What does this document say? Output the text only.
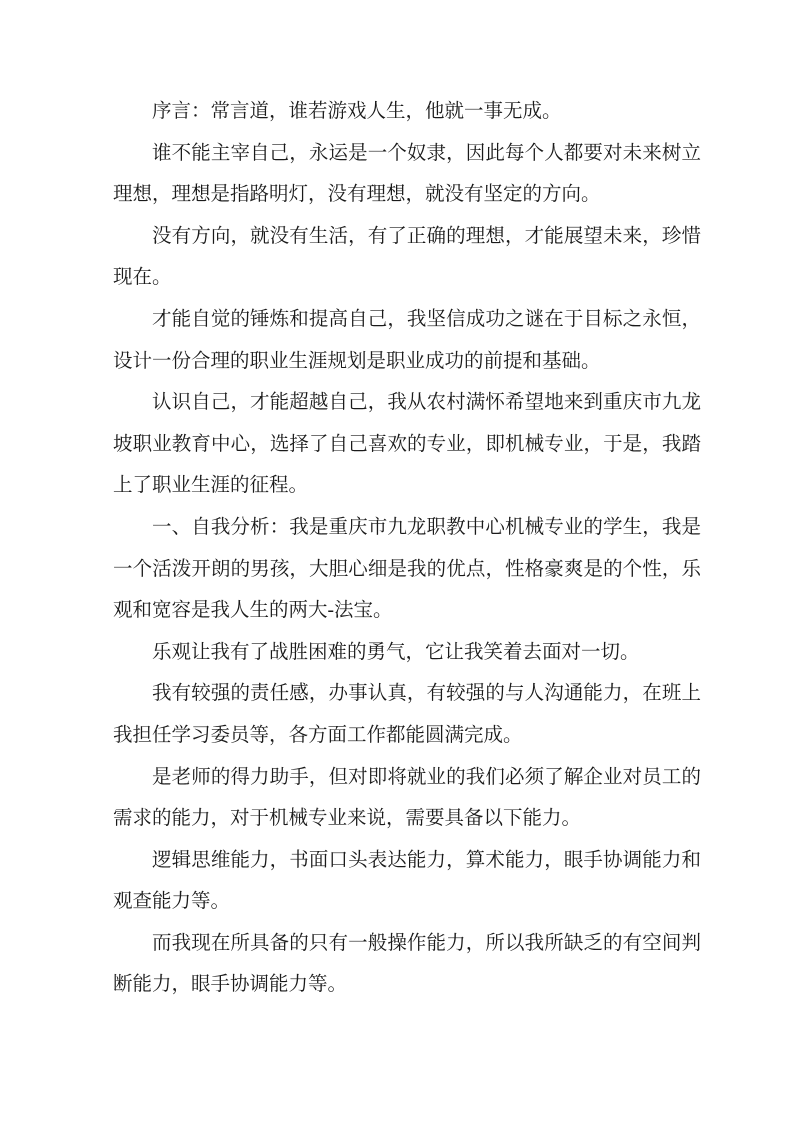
序言：常言道，谁若游戏人生，他就一事无成。

谁不能主宰自己，永运是一个奴隶，因此每个人都要对未来树立理想，理想是指路明灯，没有理想，就没有坚定的方向。

没有方向，就没有生活，有了正确的理想，才能展望未来，珍惜现在。

才能自觉的锤炼和提高自己，我坚信成功之谜在于目标之永恒，设计一份合理的职业生涯规划是职业成功的前提和基础。

认识自己，才能超越自己，我从农村满怀希望地来到重庆市九龙坡职业教育中心，选择了自己喜欢的专业，即机械专业，于是，我踏上了职业生涯的征程。

一、自我分析：我是重庆市九龙职教中心机械专业的学生，我是一个活泼开朗的男孩，大胆心细是我的优点，性格豪爽是的个性，乐观和宽容是我人生的两大-法宝。

乐观让我有了战胜困难的勇气，它让我笑着去面对一切。

我有较强的责任感，办事认真，有较强的与人沟通能力，在班上我担任学习委员等，各方面工作都能圆满完成。

是老师的得力助手，但对即将就业的我们必须了解企业对员工的需求的能力，对于机械专业来说，需要具备以下能力。

逻辑思维能力，书面口头表达能力，算术能力，眼手协调能力和观查能力等。

而我现在所具备的只有一般操作能力，所以我所缺乏的有空间判断能力，眼手协调能力等。
